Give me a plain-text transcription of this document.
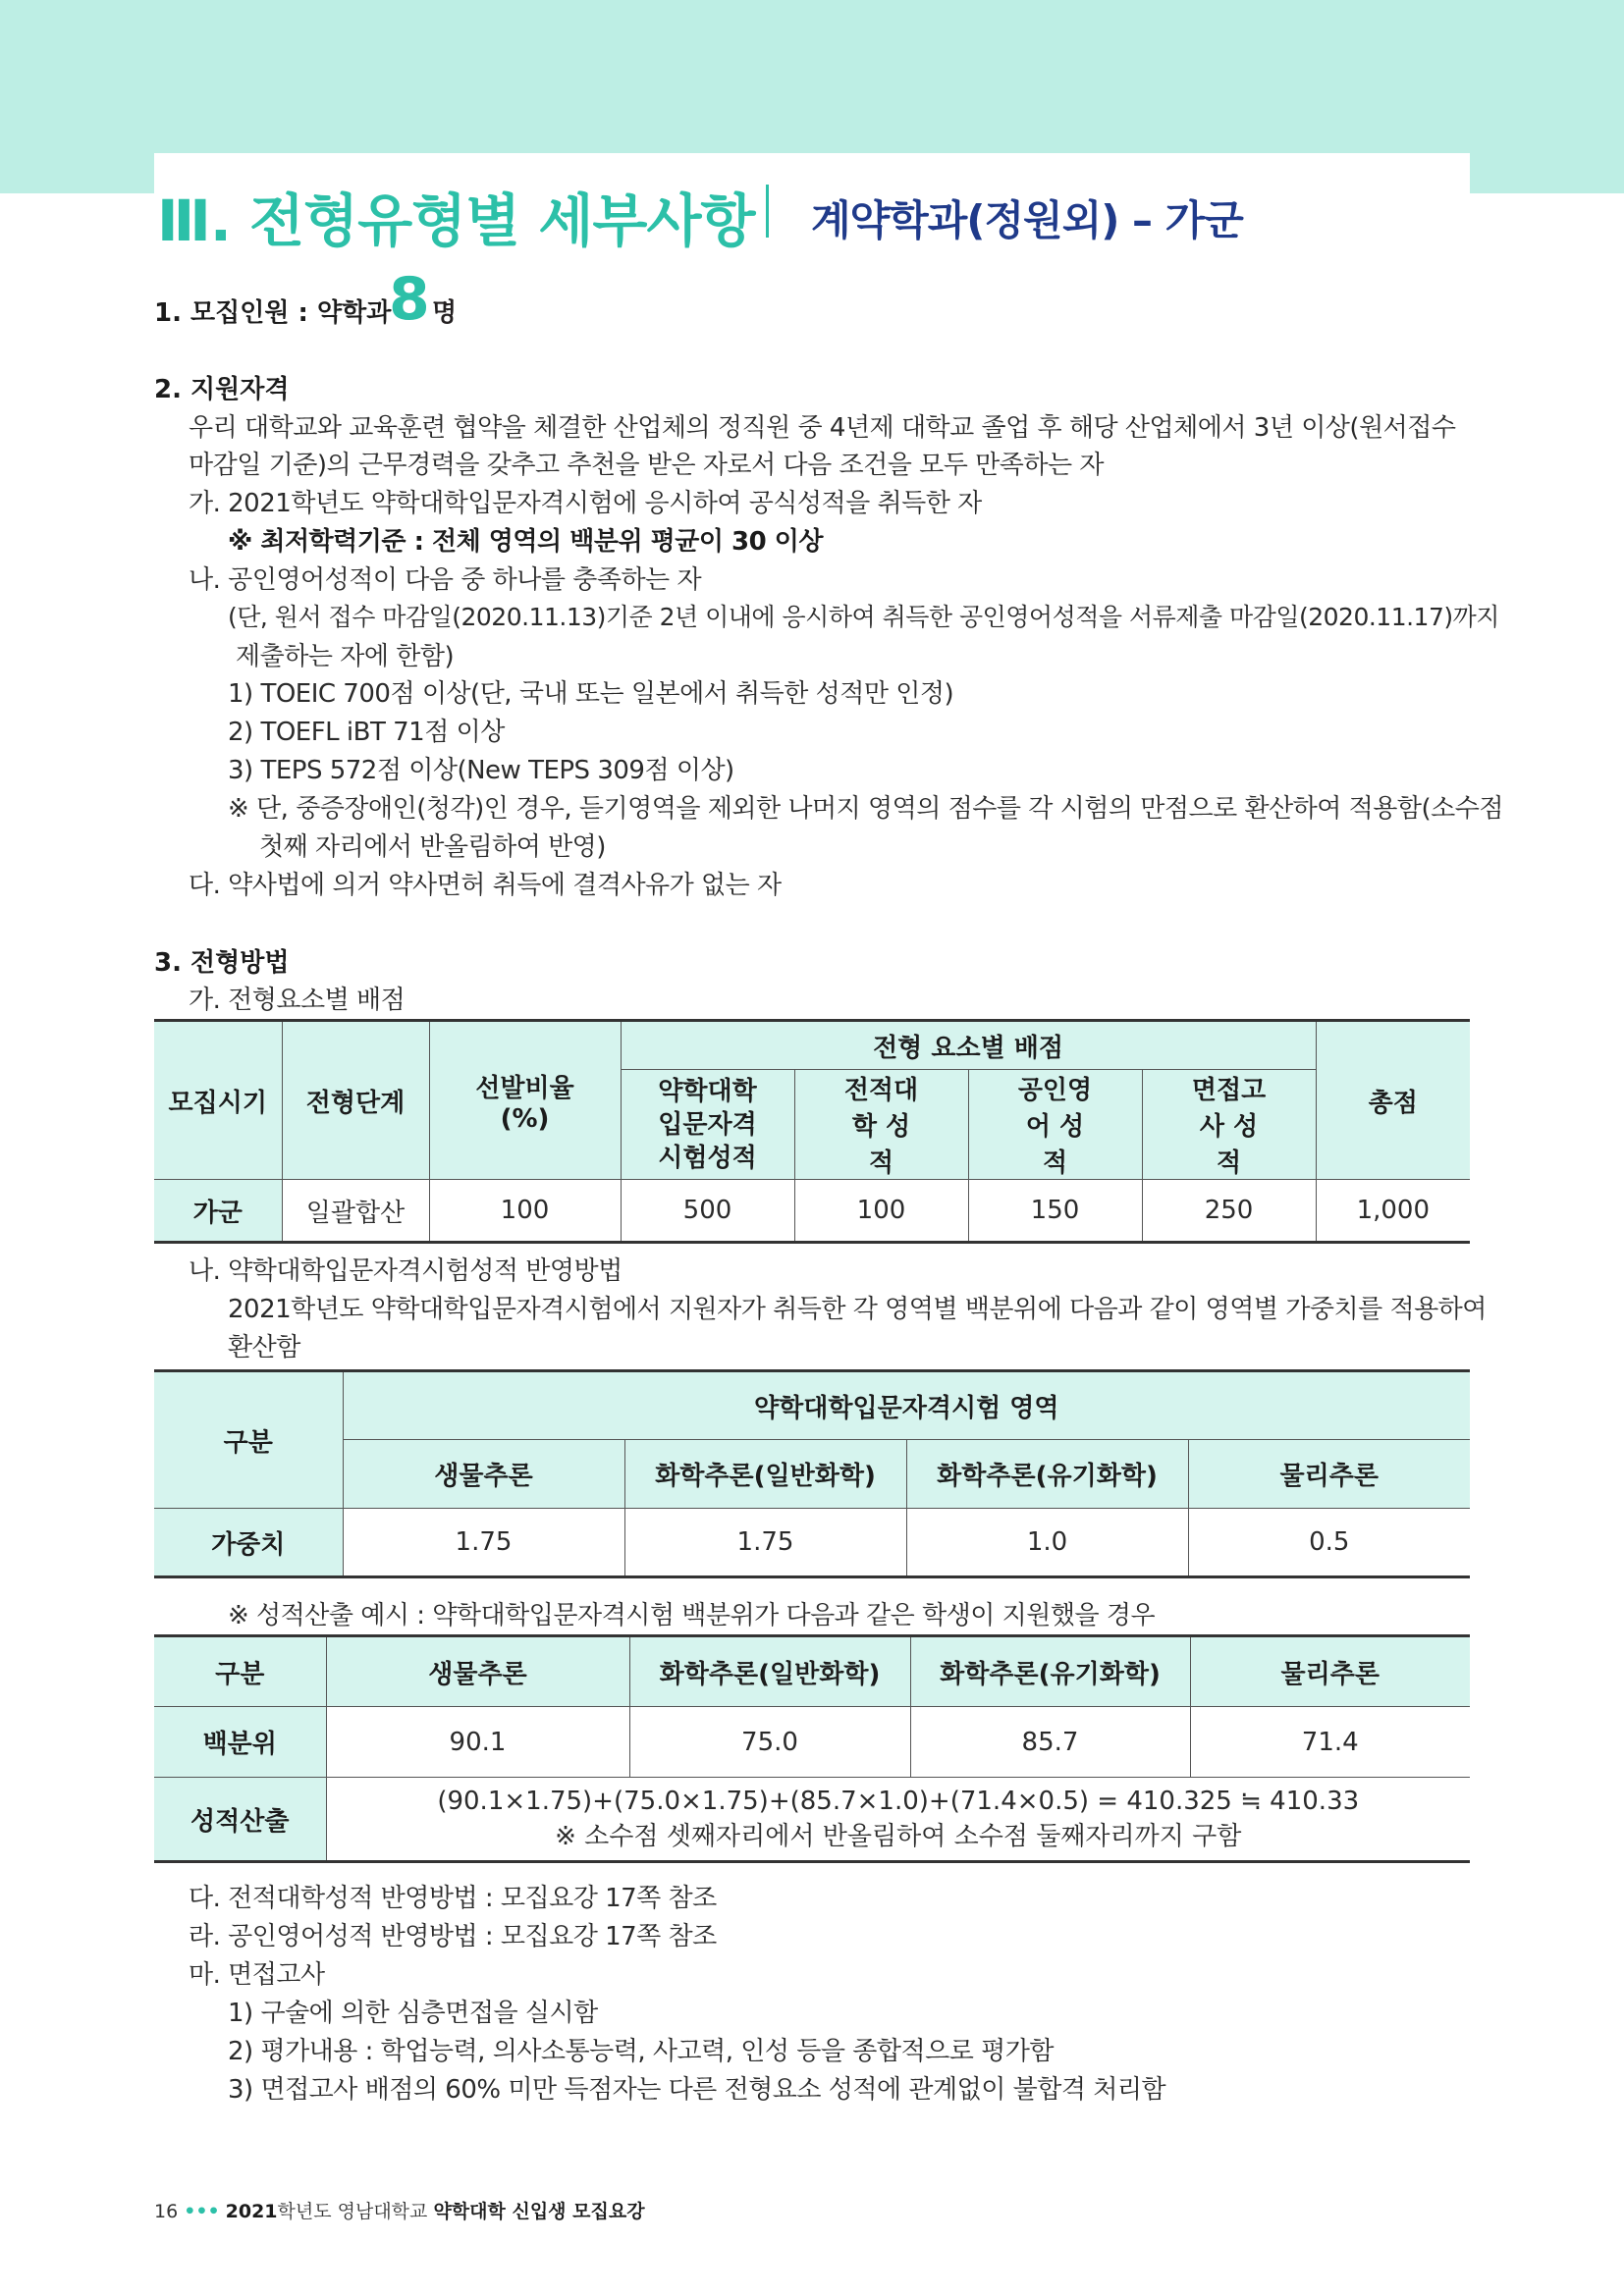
Ⅲ. 전형유형별 세부사항 계약학과(정원외) – 가군
1. 모집인원 : 약학과
8 명
2. 지원자격
우리 대학교와 교육훈련 협약을 체결한 산업체의 정직원 중 4년제 대학교 졸업 후 해당 산업체에서 3년 이상(원서접수
마감일 기준)의 근무경력을 갖추고 추천을 받은 자로서 다음 조건을 모두 만족하는 자
가. 2021학년도 약학대학입문자격시험에 응시하여 공식성적을 취득한 자
※ 최저학력기준 : 전체 영역의 백분위 평균이 30 이상
나. 공인영어성적이 다음 중 하나를 충족하는 자
(단, 원서 접수 마감일(2020.11.13)기준 2년 이내에 응시하여 취득한 공인영어성적을 서류제출 마감일(2020.11.17)까지
제출하는 자에 한함)
1) TOEIC 700점 이상(단, 국내 또는 일본에서 취득한 성적만 인정)
2) TOEFL iBT 71점 이상
3) TEPS 572점 이상(New TEPS 309점 이상)
※ 단, 중증장애인(청각)인 경우, 듣기영역을 제외한 나머지 영역의 점수를 각 시험의 만점으로 환산하여 적용함(소수점
첫째 자리에서 반올림하여 반영)
다. 약사법에 의거 약사면허 취득에 결격사유가 없는 자
3. 전형방법
가. 전형요소별 배점
모집시기	전형단계	선발비율 (%)	전형 요소별 배점				총점
			약학대학 입문자격 시험성적	전적대학 성　적	공인영어 성　적	면접고사 성　적	
가군	일괄합산	100	500	100	150	250	1,000
나. 약학대학입문자격시험성적 반영방법
2021학년도 약학대학입문자격시험에서 지원자가 취득한 각 영역별 백분위에 다음과 같이 영역별 가중치를 적용하여
환산함
구분	약학대학입문자격시험 영역			
	생물추론	화학추론(일반화학)	화학추론(유기화학)	물리추론
가중치	1.75	1.75	1.0	0.5
※ 성적산출 예시 : 약학대학입문자격시험 백분위가 다음과 같은 학생이 지원했을 경우
구분	생물추론	화학추론(일반화학)	화학추론(유기화학)	물리추론
백분위	90.1	75.0	85.7	71.4
성적산출	(90.1×1.75)+(75.0×1.75)+(85.7×1.0)+(71.4×0.5) = 410.325 ≒ 410.33
※ 소수점 셋째자리에서 반올림하여 소수점 둘째자리까지 구함			
다. 전적대학성적 반영방법 : 모집요강 17쪽 참조
라. 공인영어성적 반영방법 : 모집요강 17쪽 참조
마. 면접고사
1) 구술에 의한 심층면접을 실시함
2) 평가내용 : 학업능력, 의사소통능력, 사고력, 인성 등을 종합적으로 평가함
3) 면접고사 배점의 60% 미만 득점자는 다른 전형요소 성적에 관계없이 불합격 처리함
16 ••• 2021학년도 영남대학교 약학대학 신입생 모집요강
